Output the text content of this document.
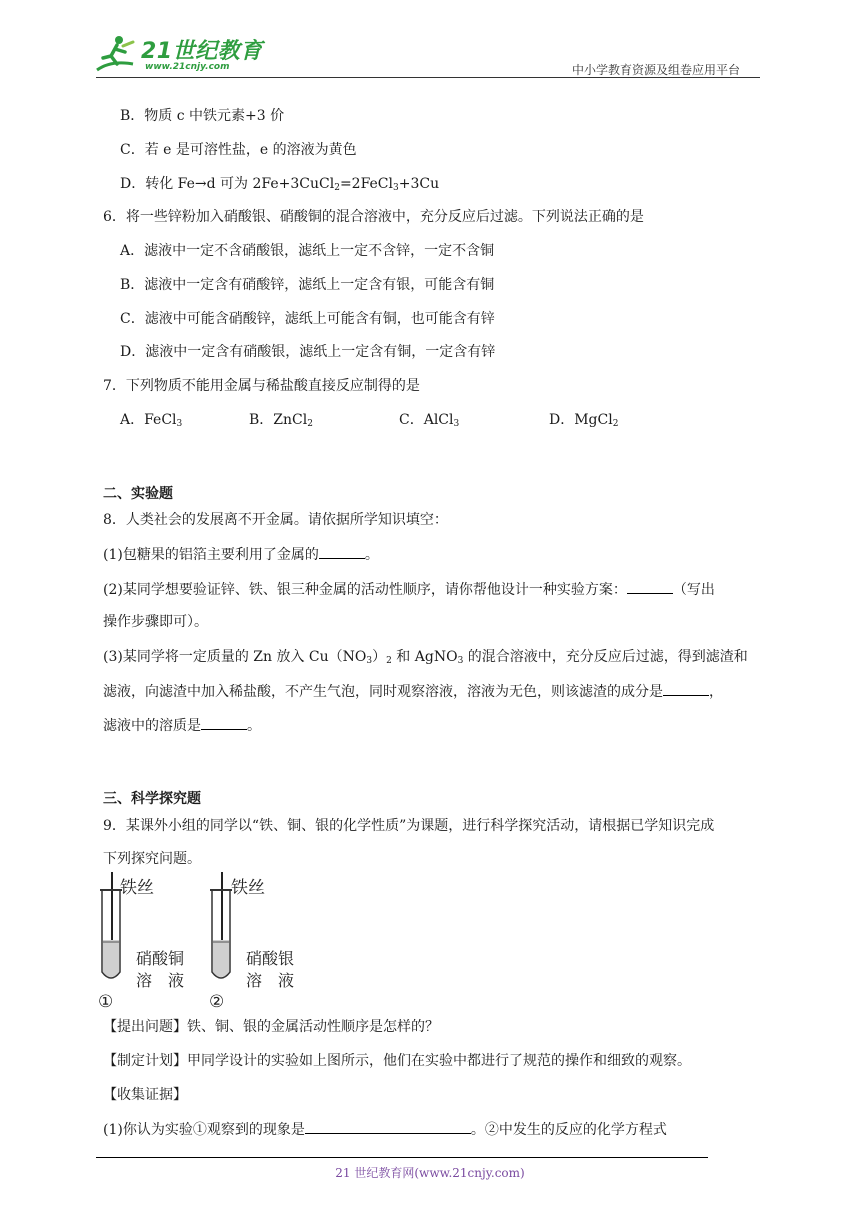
21世纪教育
www.21cnjy.com	中小学教育资源及组卷应用平台
B．物质 c 中铁元素+3 价
C．若 e 是可溶性盐，e 的溶液为黄色
D．转化 Fe→d 可为 2Fe+3CuCl$_2$=2FeCl$_3$+3Cu
6．将一些锌粉加入硝酸银、硝酸铜的混合溶液中，充分反应后过滤。下列说法正确的是
A．滤液中一定不含硝酸银，滤纸上一定不含锌，一定不含铜
B．滤液中一定含有硝酸锌，滤纸上一定含有银，可能含有铜
C．滤液中可能含硝酸锌，滤纸上可能含有铜，也可能含有锌
D．滤液中一定含有硝酸银，滤纸上一定含有铜，一定含有锌
7．下列物质不能用金属与稀盐酸直接反应制得的是
A．FeCl$_3$	B．ZnCl$_2$	C．AlCl$_3$	D．MgCl$_2$
二、实验题
8．人类社会的发展离不开金属。请依据所学知识填空：
(1)包糖果的铝箔主要利用了金属的	。
(2)某同学想要验证锌、铁、银三种金属的活动性顺序，请你帮他设计一种实验方案：	（写出
操作步骤即可）。
(3)某同学将一定质量的 Zn 放入 $Cu(NO_3)_2$ 和 AgNO$_3$ 的混合溶液中，充分反应后过滤，得到滤渣和
滤液，向滤渣中加入稀盐酸，不产生气泡，同时观察溶液，溶液为无色，则该滤渣的成分是	，
滤液中的溶质是	。
三、科学探究题
9．某课外小组的同学以“铁、铜、银的化学性质”为课题，进行科学探究活动，请根据已学知识完成
下列探究问题。
铁丝
硝酸铜
溶　液
①
铁丝
硝酸银
溶　液
②
【提出问题】铁、铜、银的金属活动性顺序是怎样的？
【制定计划】甲同学设计的实验如上图所示，他们在实验中都进行了规范的操作和细致的观察。
【收集证据】
(1)你认为实验①观察到的现象是	。②中发生的反应的化学方程式
21 世纪教育网(www.21cnjy.com)
